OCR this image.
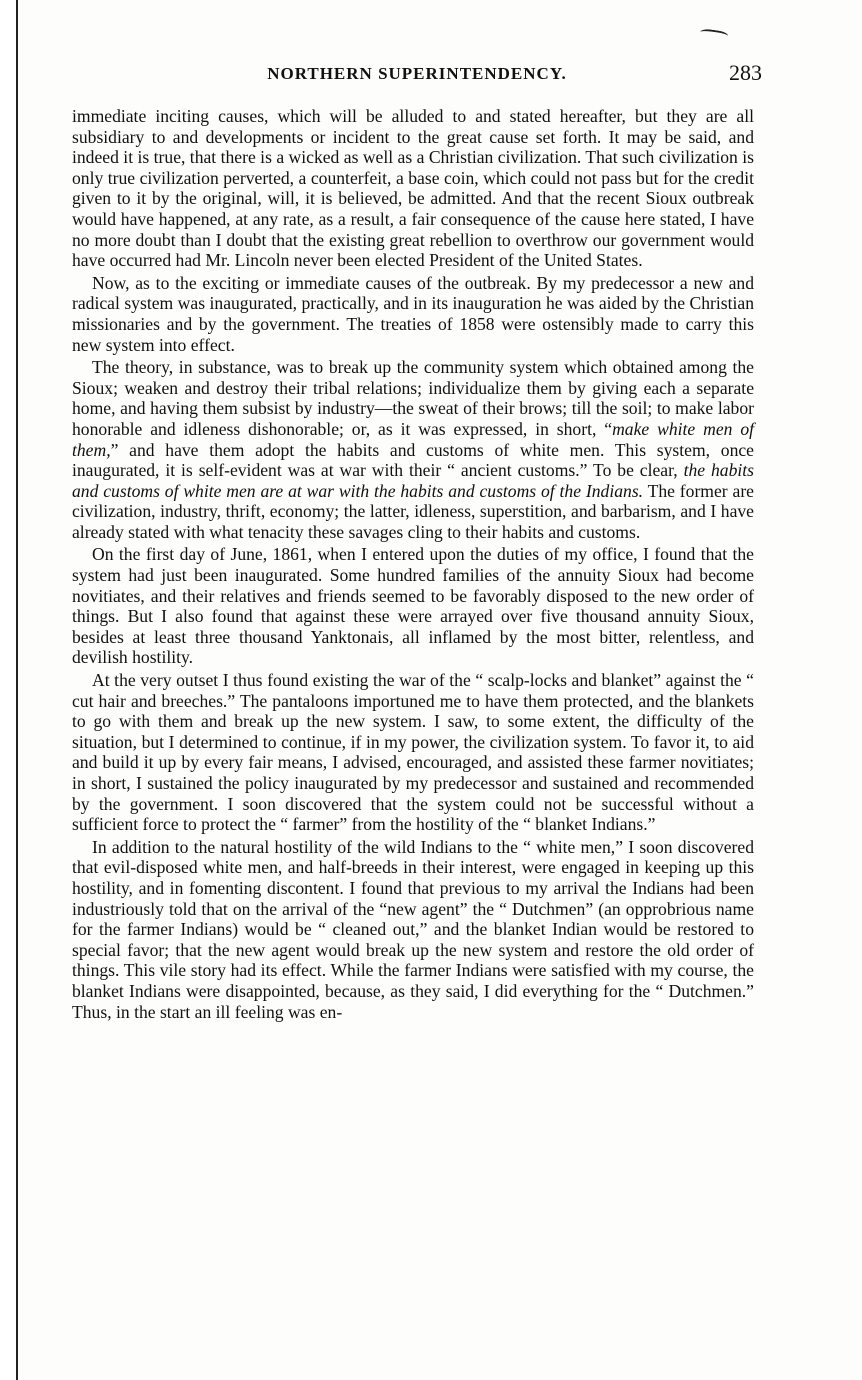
NORTHERN SUPERINTENDENCY.	283

immediate inciting causes, which will be alluded to and stated hereafter, but they are all subsidiary to and developments or incident to the great cause set forth. It may be said, and indeed it is true, that there is a wicked as well as a Christian civilization. That such civilization is only true civilization perverted, a counterfeit, a base coin, which could not pass but for the credit given to it by the original, will, it is believed, be admitted. And that the recent Sioux outbreak would have happened, at any rate, as a result, a fair consequence of the cause here stated, I have no more doubt than I doubt that the existing great rebellion to overthrow our government would have occurred had Mr. Lincoln never been elected President of the United States.

Now, as to the exciting or immediate causes of the outbreak. By my predecessor a new and radical system was inaugurated, practically, and in its inauguration he was aided by the Christian missionaries and by the government. The treaties of 1858 were ostensibly made to carry this new system into effect.

The theory, in substance, was to break up the community system which obtained among the Sioux; weaken and destroy their tribal relations; individualize them by giving each a separate home, and having them subsist by industry—the sweat of their brows; till the soil; to make labor honorable and idleness dishonorable; or, as it was expressed, in short, “make white men of them,” and have them adopt the habits and customs of white men. This system, once inaugurated, it is self-evident was at war with their “ ancient customs.” To be clear, the habits and customs of white men are at war with the habits and customs of the Indians. The former are civilization, industry, thrift, economy; the latter, idleness, superstition, and barbarism, and I have already stated with what tenacity these savages cling to their habits and customs.

On the first day of June, 1861, when I entered upon the duties of my office, I found that the system had just been inaugurated. Some hundred families of the annuity Sioux had become novitiates, and their relatives and friends seemed to be favorably disposed to the new order of things. But I also found that against these were arrayed over five thousand annuity Sioux, besides at least three thousand Yanktonais, all inflamed by the most bitter, relentless, and devilish hostility.

At the very outset I thus found existing the war of the “ scalp-locks and blanket” against the “ cut hair and breeches.” The pantaloons importuned me to have them protected, and the blankets to go with them and break up the new system. I saw, to some extent, the difficulty of the situation, but I determined to continue, if in my power, the civilization system. To favor it, to aid and build it up by every fair means, I advised, encouraged, and assisted these farmer novitiates; in short, I sustained the policy inaugurated by my predecessor and sustained and recommended by the government. I soon discovered that the system could not be successful without a sufficient force to protect the “ farmer” from the hostility of the “ blanket Indians.”

In addition to the natural hostility of the wild Indians to the “ white men,” I soon discovered that evil-disposed white men, and half-breeds in their interest, were engaged in keeping up this hostility, and in fomenting discontent. I found that previous to my arrival the Indians had been industriously told that on the arrival of the “new agent” the “ Dutchmen” (an opprobrious name for the farmer Indians) would be “ cleaned out,” and the blanket Indian would be restored to special favor; that the new agent would break up the new system and restore the old order of things. This vile story had its effect. While the farmer Indians were satisfied with my course, the blanket Indians were disappointed, because, as they said, I did everything for the “ Dutchmen.” Thus, in the start an ill feeling was en-
